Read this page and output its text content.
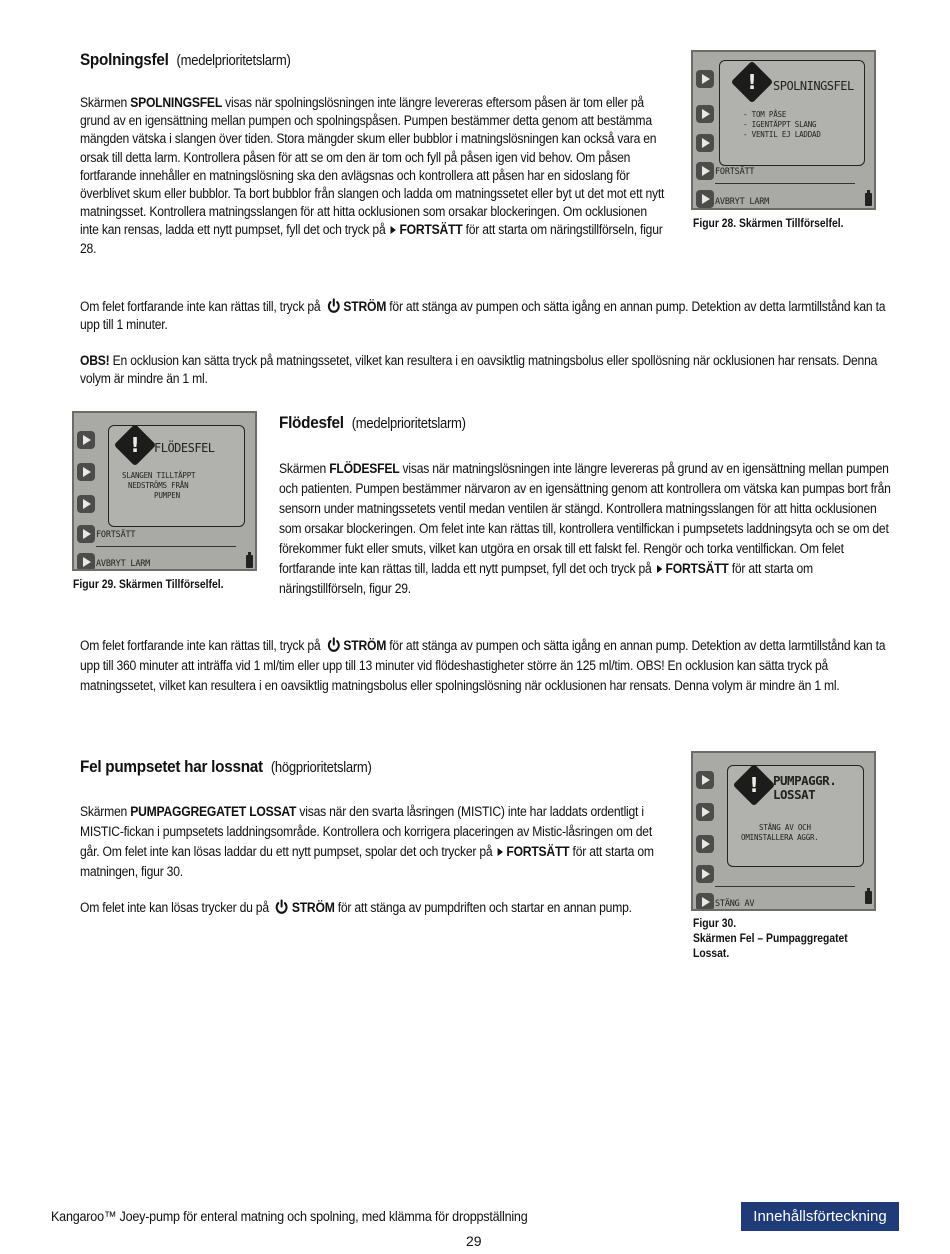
Spolningsfel (medelprioritetslarm)
Skärmen SPOLNINGSFEL visas när spolningslösningen inte längre levereras eftersom påsen är tom eller på grund av en igensättning mellan pumpen och spolningspåsen. Pumpen bestämmer detta genom att bestämma mängden vätska i slangen över tiden. Stora mängder skum eller bubblor i matningslösningen kan också vara en orsak till detta larm. Kontrollera påsen för att se om den är tom och fyll på påsen igen vid behov. Om påsen fortfarande innehåller en matningslösning ska den avlägsnas och kontrollera att påsen har en sidoslang för överblivet skum eller bubblor. Ta bort bubblor från slangen och ladda om matningssetet eller byt ut det mot ett nytt matningsset. Kontrollera matningsslangen för att hitta ocklusionen som orsakar blockeringen. Om ocklusionen inte kan rensas, ladda ett nytt pumpset, fyll det och tryck på FORTSÄTT för att starta om näringstillförseln, figur 28.
Om felet fortfarande inte kan rättas till, tryck på STRÖM för att stänga av pumpen och sätta igång en annan pump. Detektion av detta larmtillstånd kan ta upp till 1 minuter.
OBS! En ocklusion kan sätta tryck på matningssetet, vilket kan resultera i en oavsiktlig matningsbolus eller spollösning när ocklusionen har rensats. Denna volym är mindre än 1 ml.
!	SPOLNINGSFEL
- TOM PÅSE
- IGENTÄPPT SLANG
- VENTIL EJ LADDAD
FORTSÄTT
AVBRYT LARM
Figur 28. Skärmen Tillförselfel.
!	FLÖDESFEL
SLANGEN TILLTÄPPT
NEDSTRÖMS FRÅN
PUMPEN
FORTSÄTT
AVBRYT LARM
Figur 29. Skärmen Tillförselfel.
Flödesfel (medelprioritetslarm)
Skärmen FLÖDESFEL visas när matningslösningen inte längre levereras på grund av en igensättning mellan pumpen och patienten. Pumpen bestämmer närvaron av en igensättning genom att kontrollera om vätska kan pumpas bort från sensorn under matningssetets ventil medan ventilen är stängd. Kontrollera matningsslangen för att hitta ocklusionen som orsakar blockeringen. Om felet inte kan rättas till, kontrollera ventilfickan i pumpsetets laddningsyta och se om det förekommer fukt eller smuts, vilket kan utgöra en orsak till ett falskt fel. Rengör och torka ventilfickan. Om felet fortfarande inte kan rättas till, ladda ett nytt pumpset, fyll det och tryck på FORTSÄTT för att starta om näringstillförseln, figur 29.
Om felet fortfarande inte kan rättas till, tryck på STRÖM för att stänga av pumpen och sätta igång en annan pump. Detektion av detta larmtillstånd kan ta upp till 360 minuter att inträffa vid 1 ml/tim eller upp till 13 minuter vid flödeshastigheter större än 125 ml/tim. OBS! En ocklusion kan sätta tryck på matningssetet, vilket kan resultera i en oavsiktlig matningsbolus eller spolningslösning när ocklusionen har rensats. Denna volym är mindre än 1 ml.
Fel pumpsetet har lossnat (högprioritetslarm)
Skärmen PUMPAGGREGATET LOSSAT visas när den svarta låsringen (MISTIC) inte har laddats ordentligt i MISTIC-fickan i pumpsetets laddningsområde. Kontrollera och korrigera placeringen av Mistic-låsringen om det går. Om felet inte kan lösas laddar du ett nytt pumpset, spolar det och trycker på FORTSÄTT för att starta om matningen, figur 30.
Om felet inte kan lösas trycker du på STRÖM för att stänga av pumpdriften och startar en annan pump.
!	PUMPAGGR.
LOSSAT
STÄNG AV OCH
OMINSTALLERA AGGR.
STÄNG AV
Figur 30.
Skärmen Fel – Pumpaggregatet
Lossat.
Kangaroo™ Joey-pump för enteral matning och spolning, med klämma för droppställning
29
Innehållsförteckning
